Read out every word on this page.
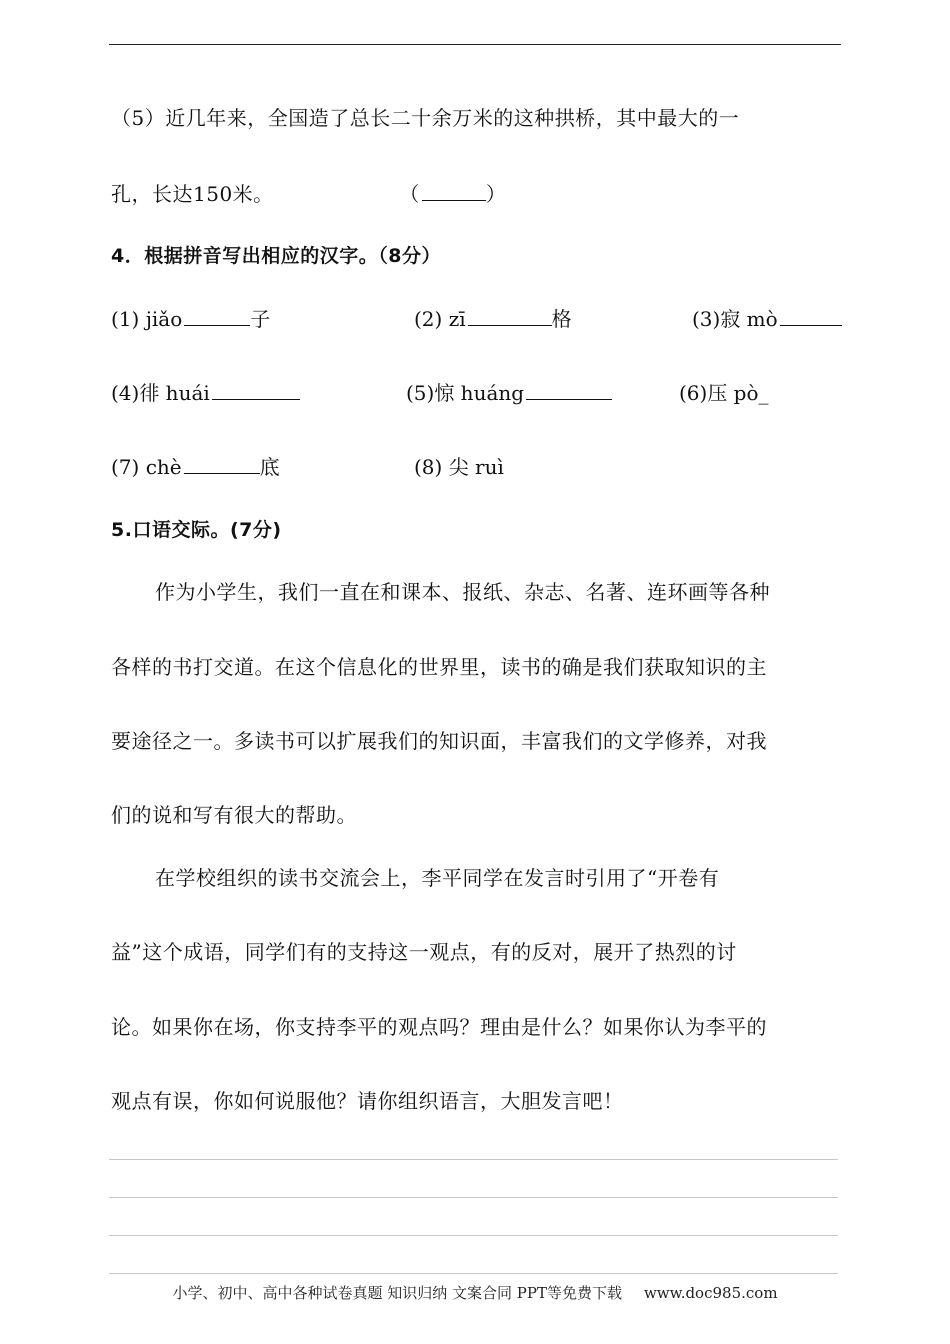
（5）近几年来，全国造了总长二十余万米的这种拱桥，其中最大的一
孔，长达150米。	（	）
4．根据拼音写出相应的汉字。（8分）
(1) jiǎo	子	(2) zī	格	(3)寂 mò
(4)徘 huái	(5)惊 huáng	(6)压 pò_
(7) chè	底	(8) 尖 ruì
5.口语交际。(7分)
作为小学生，我们一直在和课本、报纸、杂志、名著、连环画等各种
各样的书打交道。在这个信息化的世界里，读书的确是我们获取知识的主
要途径之一。多读书可以扩展我们的知识面，丰富我们的文学修养，对我
们的说和写有很大的帮助。
在学校组织的读书交流会上，李平同学在发言时引用了“开卷有
益”这个成语，同学们有的支持这一观点，有的反对，展开了热烈的讨
论。如果你在场，你支持李平的观点吗？理由是什么？如果你认为李平的
观点有误，你如何说服他？请你组织语言，大胆发言吧！
小学、初中、高中各种试卷真题 知识归纳 文案合同 PPT等免费下载 www.doc985.com
